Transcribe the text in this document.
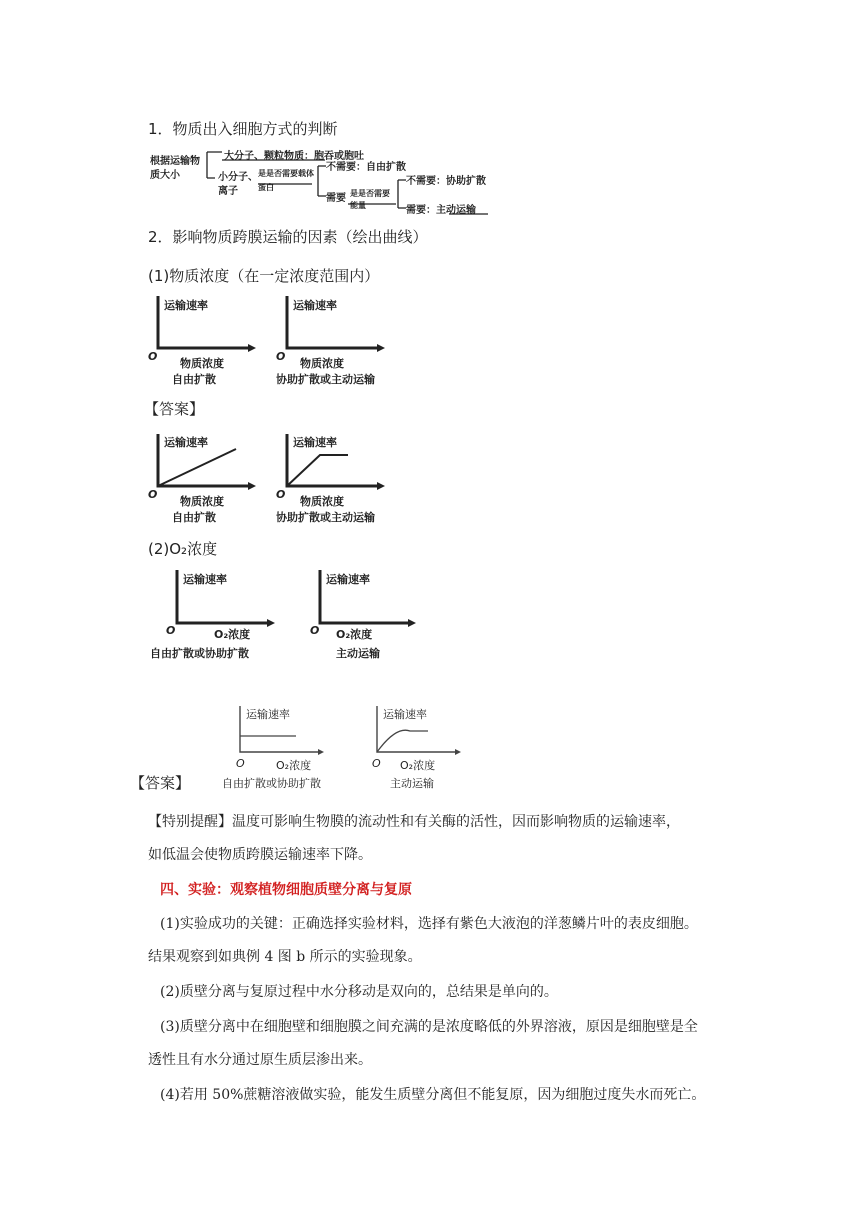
1．物质出入细胞方式的判断
根据运输物质大小
大分子、颗粒物质：胞吞或胞吐
小分子、离子
是是否需要载体蛋白
不需要：自由扩散
需要 是是否需要能量
不需要：协助扩散
需要：主动运输
2．影响物质跨膜运输的因素（绘出曲线）
(1)物质浓度（在一定浓度范围内）
运输速率
O
物质浓度
自由扩散
运输速率
O
物质浓度
协助扩散或主动运输
【答案】
运输速率
O
物质浓度
自由扩散
运输速率
O
物质浓度
协助扩散或主动运输
(2)O₂浓度
运输速率
O	O₂浓度
自由扩散或协助扩散
运输速率
O O₂浓度
主动运输
运输速率
O	O₂浓度
自由扩散或协助扩散
运输速率
O O₂浓度
主动运输
【答案】
【特别提醒】温度可影响生物膜的流动性和有关酶的活性，因而影响物质的运输速率，
如低温会使物质跨膜运输速率下降。
四、实验：观察植物细胞质壁分离与复原
(1)实验成功的关键：正确选择实验材料，选择有紫色大液泡的洋葱鳞片叶的表皮细胞。
结果观察到如典例 4 图 b 所示的实验现象。
(2)质壁分离与复原过程中水分移动是双向的，总结果是单向的。
(3)质壁分离中在细胞壁和细胞膜之间充满的是浓度略低的外界溶液，原因是细胞壁是全
透性且有水分通过原生质层渗出来。
(4)若用 50%蔗糖溶液做实验，能发生质壁分离但不能复原，因为细胞过度失水而死亡。
